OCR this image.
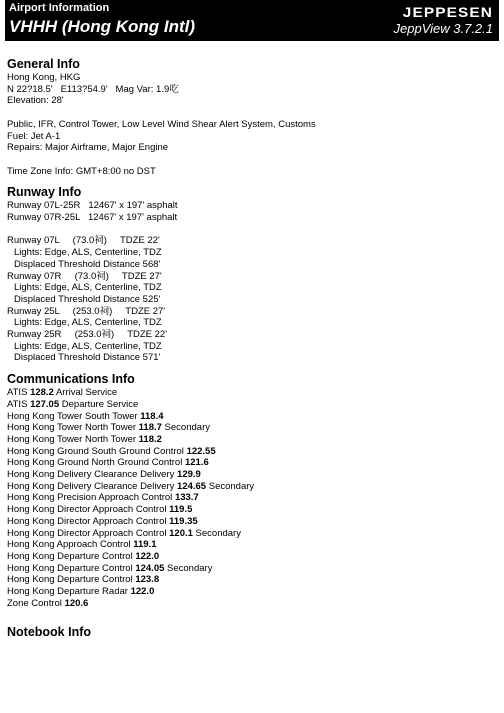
Airport Information
VHHH (Hong Kong Intl)
JEPPESEN
JeppView 3.7.2.1
General Info
Hong Kong, HKG
N 22?18.5'   E113?54.9'   Mag Var: 1.9吃
Elevation: 28'
Public, IFR, Control Tower, Low Level Wind Shear Alert System, Customs
Fuel: Jet A-1
Repairs: Major Airframe, Major Engine
Time Zone Info: GMT+8:00 no DST
Runway Info
Runway 07L-25R   12467' x 197' asphalt
Runway 07R-25L   12467' x 197' asphalt
Runway 07L     (73.0祠)     TDZE 22'
Lights: Edge, ALS, Centerline, TDZ
Displaced Threshold Distance 568'
Runway 07R     (73.0祠)     TDZE 27'
Lights: Edge, ALS, Centerline, TDZ
Displaced Threshold Distance 525'
Runway 25L     (253.0祠)     TDZE 27'
Lights: Edge, ALS, Centerline, TDZ
Runway 25R     (253.0祠)     TDZE 22'
Lights: Edge, ALS, Centerline, TDZ
Displaced Threshold Distance 571'
Communications Info
ATIS 128.2 Arrival Service
ATIS 127.05 Departure Service
Hong Kong Tower South Tower 118.4
Hong Kong Tower North Tower 118.7 Secondary
Hong Kong Tower North Tower 118.2
Hong Kong Ground South Ground Control 122.55
Hong Kong Ground North Ground Control 121.6
Hong Kong Delivery Clearance Delivery 129.9
Hong Kong Delivery Clearance Delivery 124.65 Secondary
Hong Kong Precision Approach Control 133.7
Hong Kong Director Approach Control 119.5
Hong Kong Director Approach Control 119.35
Hong Kong Director Approach Control 120.1 Secondary
Hong Kong Approach Control 119.1
Hong Kong Departure Control 122.0
Hong Kong Departure Control 124.05 Secondary
Hong Kong Departure Control 123.8
Hong Kong Departure Radar 122.0
Zone Control 120.6
Notebook Info
